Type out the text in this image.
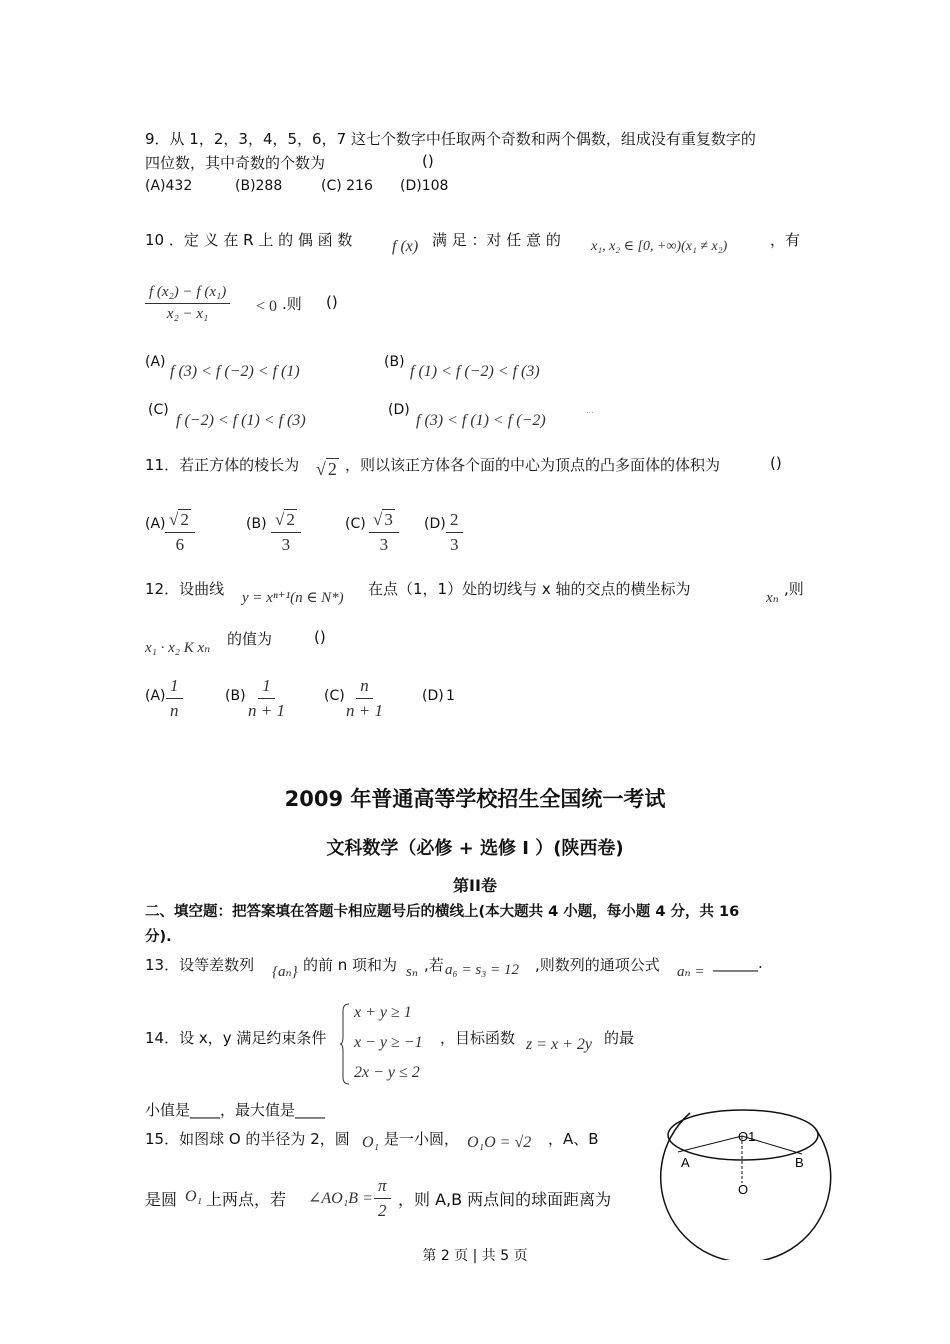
9．从 1，2，3，4，5，6，7 这七个数字中任取两个奇数和两个偶数，组成没有重复数字的
四位数，其中奇数的个数为	()
(A)432	(B)288	(C) 216 (D)108
10 ．定 义 在 R 上 的 偶 函 数 f (x) 满 足 ：对 任 意 的 x₁, x₂ ∈ [0, +∞)(x₁ ≠ x₂)	，有
$\frac{\text{f (x₂) − f (x₁)}}{\text{x₂ − x₁}} < 0$ .则 ()
(A)
f (3) < f (−2) < f (1)
(B)
f (1) < f (−2) < f (3)
(C)
f (−2) < f (1) < f (3)
(D)
f (3) < f (1) < f (−2)
...
11．若正方体的棱长为 √ 2 ，则以该正方体各个面的中心为顶点的凸多面体的体积为	()
$(A) \frac{√ 2}{6}$	$(B) \frac{√ 2}{3}$	$(C) \frac{√ 3}{3} (D) \frac{2}{3}$
12．设曲线 y = xⁿ⁺¹(n ∈ N*) 在点（1，1）处的切线与 x 轴的交点的横坐标为	xₙ ,则
x₁ · x₂ K xₙ 的值为	()
$(A) \frac{1}{n}$	$(B) \frac{1}{n + 1}$	$(C) \frac{n}{n + 1}$	(D) 1
2009 年普通高等学校招生全国统一考试
文科数学（必修 + 选修 I ）(陕西卷)
第II卷
二、填空题：把答案填在答题卡相应题号后的横线上(本大题共 4 小题，每小题 4 分，共 16
分).
13．设等差数列 {aₙ} 的前 n 项和为 sₙ ,若 a₆ = s₃ = 12 ,则数列的通项公式 aₙ = ______.
14．设 x，y 满足约束条件
x + y ≥ 1
x − y ≥ −1
2x − y ≤ 2
，目标函数 z = x + 2y 的最
小值是____，最大值是____
15．如图球 O 的半径为 2，圆 O₁ 是一小圆， O₁O = √2 ，A、B
是圆 O₁ 上两点，若 ∠AO₁B = $\frac{\pi}{2}$ ，则 A,B 两点间的球面距离为
O1
A	B
O
第 2 页 | 共 5 页
